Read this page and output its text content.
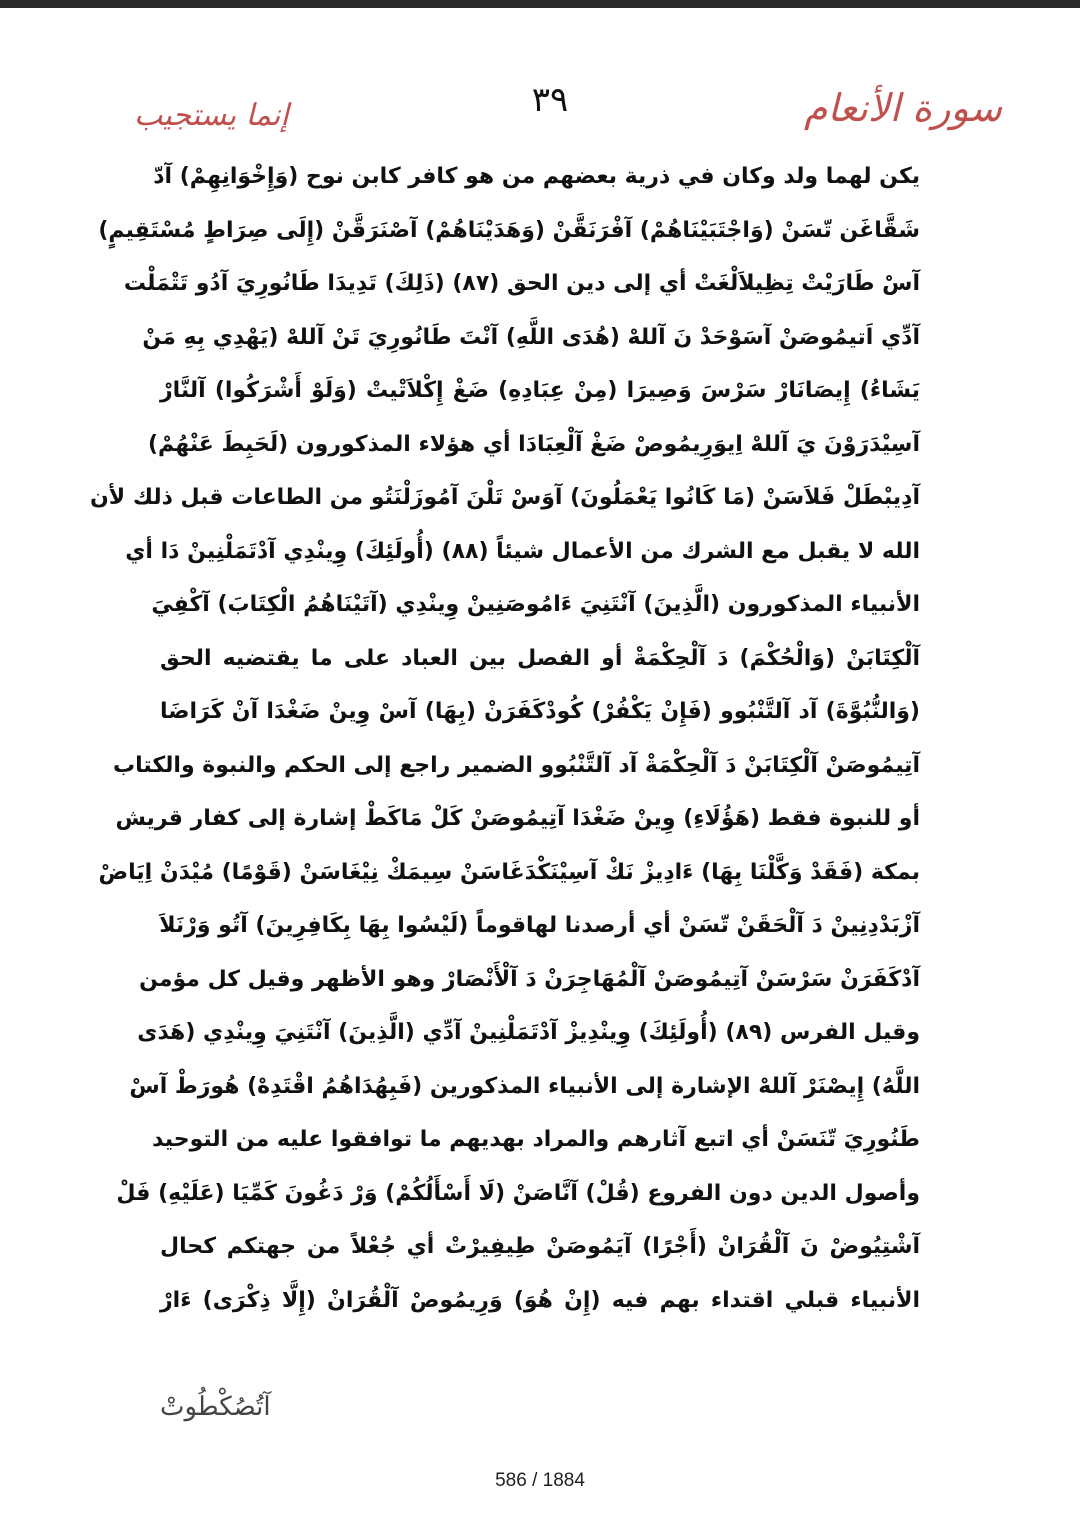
٣٩	سورة الأنعام
إنما يستجيب
يكن لهما ولد وكان في ذرية بعضهم من هو كافر كابن نوح (وَإِخْوَانِهِمْ) آدّ
شَقَّاغَن تّسَنْ (وَاجْتَبَيْنَاهُمْ) آفْرَنَقَّنْ (وَهَدَيْنَاهُمْ) آصْنَرَقَّنْ (إِلَى صِرَاطٍ مُسْتَقِيمٍ)
آسْ طَارَيْتْ تِظِيلاَلْغَتْ أي إلى دين الحق (٨٧) (ذَلِكَ) تَدِيدَا طَانُورِيَ آدُو تَتْمَلْت
آدِّي اَتيمُوصَنْ آسَوْحَدْ نَ آللهْ (هُدَى اللَّهِ) آنْتَ طَانُورِيَ تَنْ آللهْ (يَهْدِي بِهِ مَنْ
يَشَاءُ) إِيصَانَارْ سَرْسَ وَصِيرَا (مِنْ عِبَادِهِ) ضَغْ إِكْلاَتْيتْ (وَلَوْ أَشْرَكُوا) آلنَّارْ
آسِيْدَرَوْنَ يَ آللهْ اِيوَرِيمُوصْ ضَغْ آلْعِبَادَا أي هؤلاء المذكورون (لَحَبِطَ عَنْهُمْ)
آدِيبْطَلْ فَلاَسَنْ (مَا كَانُوا يَعْمَلُونَ) آوَسْ تَلْنَ آمُوزَلْنَتُو من الطاعات قبل ذلك لأن
الله لا يقبل مع الشرك من الأعمال شيئاً (٨٨) (أُولَئِكَ) وِينْدِي آدْتَمَلْنِينْ دَا أي
الأنبياء المذكورون (الَّذِينَ) آنْتَنِيَ ءَامُوصَنِينْ وِينْدِي (آتَيْنَاهُمُ الْكِتَابَ) آكْفِيَ
آلْكِتَابَنْ (وَالْحُكْمَ) دَ آلْحِكْمَةْ أو الفصل بين العباد على ما يقتضيه الحق
(وَالنُّبُوَّةَ) آد آلتَّنْبُوو (فَإِنْ يَكْفُرْ) كُودْكَفَرَنْ (بِهَا) آسْ وِينْ ضَغْدَا آنْ كَرَاضَا
آتِيمُوصَنْ آلْكِتَابَنْ دَ آلْحِكْمَةْ آد آلتَّنْبُوو الضمير راجع إلى الحكم والنبوة والكتاب
أو للنبوة فقط (هَؤُلَاءِ) وِينْ ضَغْدَا آتِيمُوصَنْ كَلْ مَاكَطْ إشارة إلى كفار قريش
بمكة (فَقَدْ وَكَّلْنَا بِهَا) ءَادِيزْ نَكْ آسِيْنَكْدَغَاسَنْ سِيمَكْ نِيْغَاسَنْ (قَوْمًا) مُيْدَنْ اِيَاضْ
آزْبَدْدِنِينْ دَ آلْحَقَنْ تّسَنْ أي أرصدنا لهاقوماً (لَيْسُوا بِهَا بِكَافِرِينَ) آتُو وَرْنَلاَ
آدْكَفَرَنْ سَرْسَنْ آتِيمُوصَنْ آلْمُهَاجِرَنْ دَ آلْأَنْصَارْ وهو الأظهر وقيل كل مؤمن
وقيل الفرس (٨٩) (أُولَئِكَ) وِينْدِيزْ آدْتَمَلْنِينْ آدِّي (الَّذِينَ) آنْتَنِيَ وِينْدِي (هَدَى
اللَّهُ) إِيصْنَرْ آللهْ الإشارة إلى الأنبياء المذكورين (فَبِهُدَاهُمُ اقْتَدِهْ) هُورَطْ آسْ
طَنُورِيَ تّنَسَنْ أي اتبع آثارهم والمراد بهديهم ما توافقوا عليه من التوحيد
وأصول الدين دون الفروع (قُلْ) آنَّاصَنْ (لَا أَسْأَلُكُمْ) وَرْ دَغُونَ كَمِّيَا (عَلَيْهِ) فَلْ
آشْتِيُوضْ نَ آلْقُرَانْ (أَجْرًا) آيَمُوصَنْ طِيفِيرْتْ أي جُعْلاً من جهتكم كحال
الأنبياء قبلي اقتداء بهم فيه (إِنْ هُوَ) وَرِيمُوصْ آلْقُرَانْ (إِلَّا ذِكْرَى) ءَارْ
آتُصُكْطُوتْ
586 / 1884
